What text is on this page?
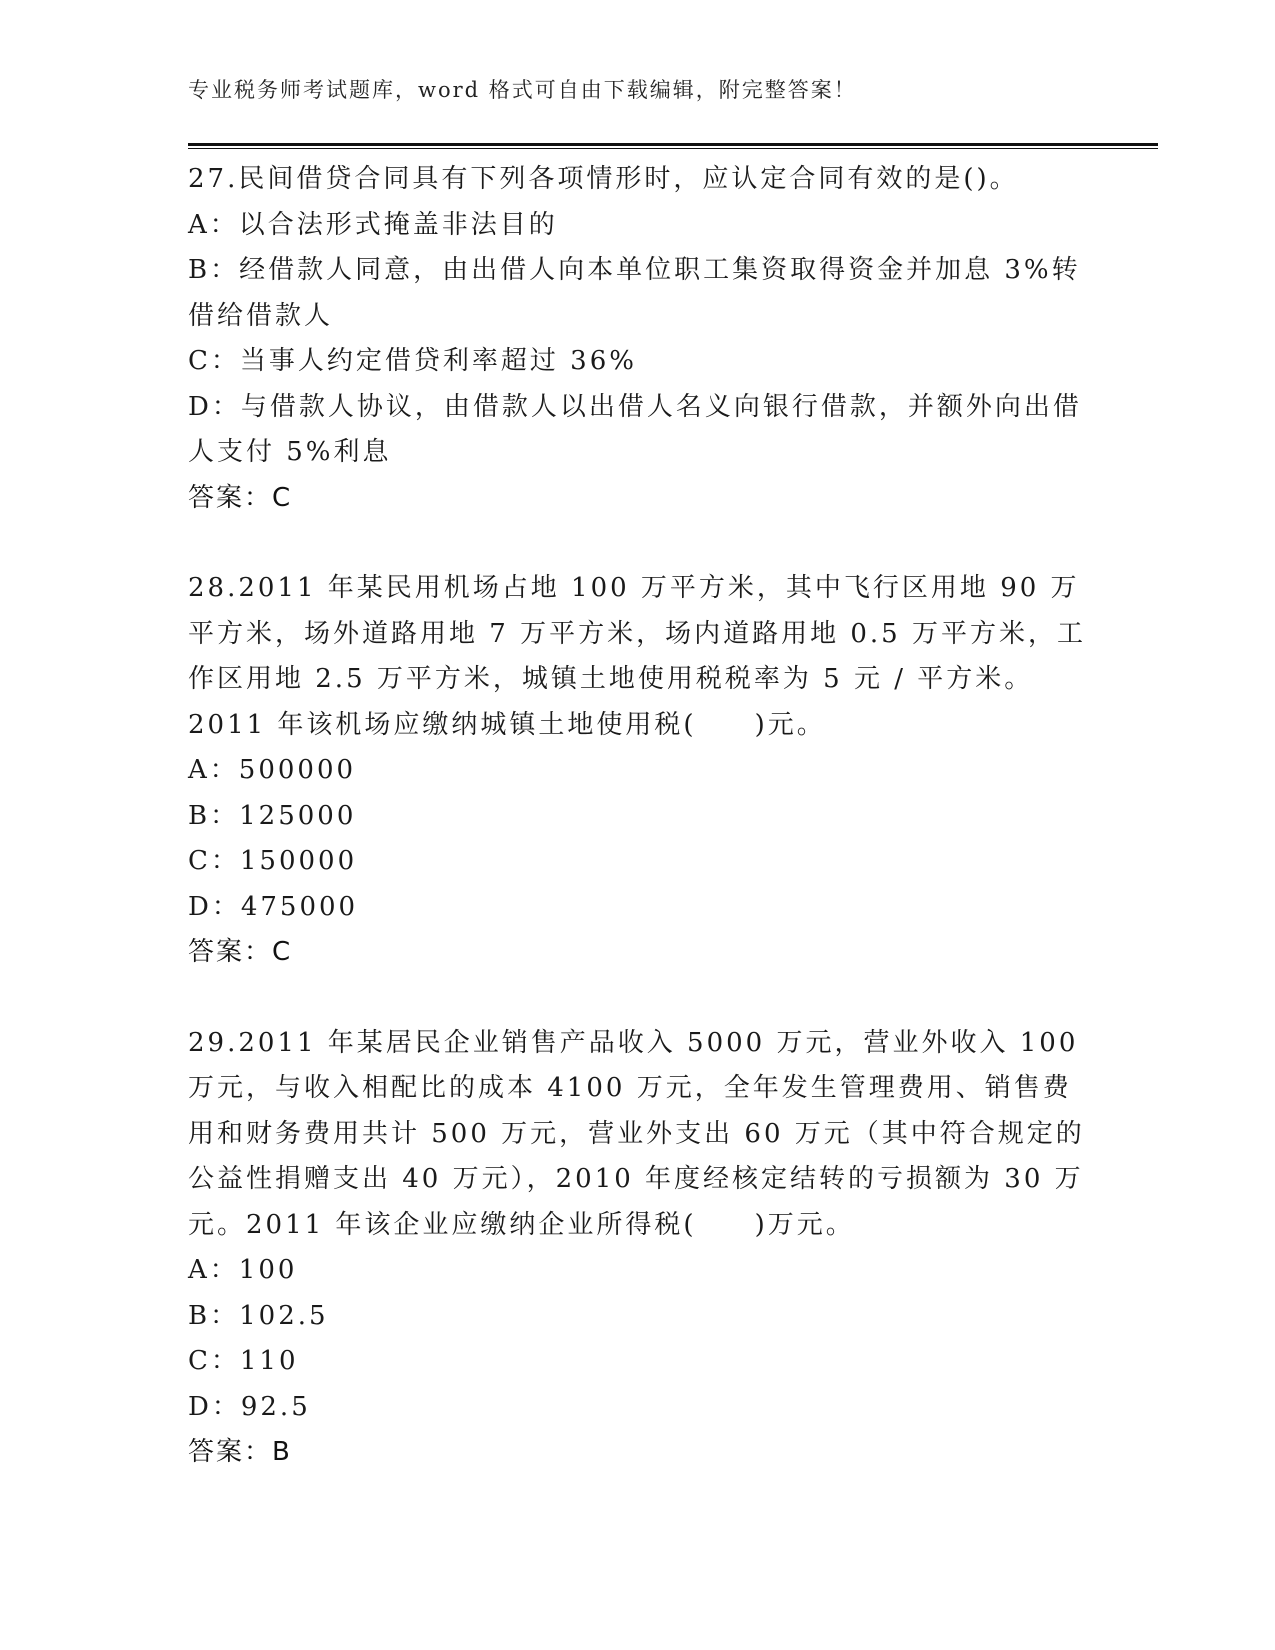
专业税务师考试题库，word 格式可自由下载编辑，附完整答案！

27.民间借贷合同具有下列各项情形时，应认定合同有效的是()。

A：以合法形式掩盖非法目的

B：经借款人同意，由出借人向本单位职工集资取得资金并加息 3%转借给借款人

C：当事人约定借贷利率超过 36%

D：与借款人协议，由借款人以出借人名义向银行借款，并额外向出借人支付 5%利息

答案：C

28.2011 年某民用机场占地 100 万平方米，其中飞行区用地 90 万平方米，场外道路用地 7 万平方米，场内道路用地 0.5 万平方米，工作区用地 2.5 万平方米，城镇土地使用税税率为 5 元 / 平方米。2011 年该机场应缴纳城镇土地使用税(　　)元。

A：500000

B：125000

C：150000

D：475000

答案：C

29.2011 年某居民企业销售产品收入 5000 万元，营业外收入 100 万元，与收入相配比的成本 4100 万元，全年发生管理费用、销售费用和财务费用共计 500 万元，营业外支出 60 万元（其中符合规定的公益性捐赠支出 40 万元），2010 年度经核定结转的亏损额为 30 万元。2011 年该企业应缴纳企业所得税(　　)万元。

A：100

B：102.5

C：110

D：92.5

答案：B
